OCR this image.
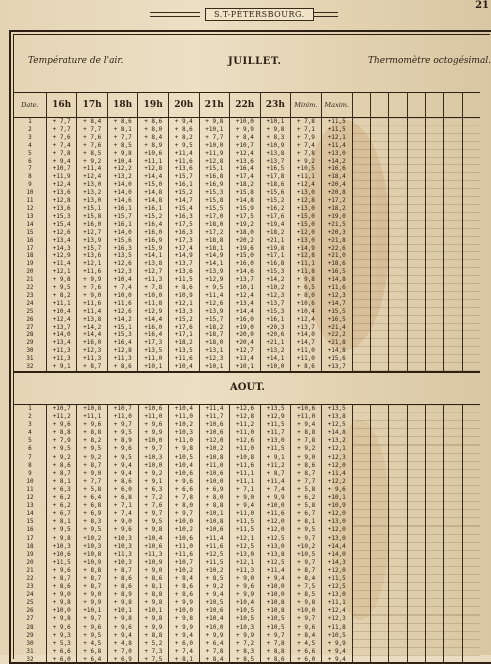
S.T-PÉTERSBOURG.
21
Température de l'air.	JUILLET.	Thermomètre octogésimal.
Date.	16h	17h	18h	19h	20h	21h	22h	23h	Minim.	Maxim.							
1	+ 7,7	+ 8,4	+ 8,6	+ 8,6	+ 9,4	+ 9,8	+10,0	+10,1	+ 7,8	+11,5							
2	+ 7,7	+ 7,7	+ 8,1	+ 8,0	+ 8,6	+10,1	+ 9,9	+ 9,8	+ 7,1	+11,5							
3	+ 7,6	+ 7,6	+ 7,7	+ 8,4	+ 8,2	+ 7,7	+ 8,4	+ 8,3	+ 7,9	+12,1							
4	+ 7,4	+ 7,6	+ 8,5	+ 8,9	+ 9,5	+10,0	+10,7	+10,9	+ 7,4	+11,4							
5	+ 7,8	+ 8,5	+ 9,8	+10,6	+11,4	+11,9	+12,4	+13,8	+ 7,8	+13,0							
6	+ 9,4	+ 9,2	+10,4	+11,1	+11,6	+12,8	+13,6	+13,7	+ 9,2	+14,2							
7	+10,7	+11,4	+12,2	+12,8	+13,6	+15,1	+16,4	+16,5	+10,5	+16,6							
8	+11,9	+12,4	+13,2	+14,4	+15,7	+16,8	+17,4	+17,8	+11,1	+18,4							
9	+12,4	+13,0	+14,0	+15,0	+16,1	+16,9	+18,2	+18,6	+12,4	+20,4							
10	+13,6	+13,2	+14,0	+14,8	+15,2	+15,3	+15,8	+15,6	+13,0	+20,8							
11	+12,8	+13,0	+14,6	+14,8	+14,7	+15,8	+14,8	+15,2	+12,8	+17,2							
12	+13,6	+15,1	+16,1	+16,1	+15,4	+15,5	+15,9	+16,2	+13,0	+18,2							
13	+15,3	+15,8	+15,7	+15,2	+16,3	+17,0	+17,5	+17,6	+15,0	+19,0							
14	+15,4	+16,0	+16,1	+16,4	+17,5	+18,0	+19,2	+19,4	+15,0	+21,5							
15	+12,6	+12,7	+14,0	+16,0	+16,3	+17,2	+18,0	+18,2	+12,0	+20,3							
16	+13,4	+13,9	+15,6	+16,9	+17,3	+18,8	+20,2	+21,1	+13,0	+21,8							
17	+14,3	+15,7	+16,3	+15,9	+17,4	+18,1	+19,6	+19,8	+14,9	+22,6							
18	+12,9	+13,6	+13,5	+14,1	+14,9	+14,9	+15,0	+17,1	+12,8	+21,0							
19	+11,4	+12,1	+12,6	+13,8	+13,7	+14,1	+16,0	+16,8	+11,1	+18,6							
20	+12,1	+11,6	+12,3	+12,7	+13,6	+13,9	+14,6	+15,3	+11,8	+16,5							
21	+ 9,8	+ 9,9	+10,4	+11,3	+11,5	+12,9	+13,7	+14,2	+ 9,8	+14,8							
22	+ 9,5	+ 7,6	+ 7,4	+ 7,8	+ 8,6	+ 9,5	+10,1	+10,2	+ 6,5	+11,6							
23	+ 8,2	+ 9,0	+10,0	+10,0	+10,9	+11,4	+12,4	+12,3	+ 8,0	+12,3							
24	+11,1	+11,6	+11,6	+11,8	+12,1	+12,6	+13,4	+13,7	+10,6	+14,7							
25	+10,4	+11,4	+12,6	+12,9	+13,3	+13,9	+14,4	+15,3	+10,4	+15,5							
26	+12,4	+13,8	+14,2	+14,4	+15,2	+15,7	+16,0	+16,1	+12,4	+16,5							
27	+13,7	+14,2	+15,1	+16,0	+17,6	+18,2	+19,0	+20,3	+13,7	+21,4							
28	+14,0	+14,4	+15,3	+16,4	+17,1	+18,7	+20,0	+20,6	+14,0	+22,2							
29	+13,4	+16,0	+16,4	+17,3	+18,2	+18,0	+20,4	+21,1	+14,7	+21,8							
30	+11,3	+12,3	+12,8	+13,5	+13,5	+13,1	+12,7	+13,2	+11,0	+14,8							
31	+11,3	+11,3	+11,3	+11,0	+11,6	+12,3	+13,4	+14,1	+11,0	+15,6							
32	+ 9,1	+ 8,7	+ 8,6	+10,1	+10,4	+10,1	+10,1	+10,0	+ 8,6	+13,7							
AOUT.
1	+10,7	+10,8	+10,7	+10,6	+10,4	+11,4	+12,6	+13,5	+10,6	+13,5							
2	+11,2	+11,1	+11,0	+11,0	+11,0	+11,7	+12,8	+12,9	+11,0	+13,8							
3	+ 9,6	+ 9,6	+ 9,7	+ 9,6	+10,2	+10,6	+11,2	+11,5	+ 9,4	+12,5							
4	+ 8,8	+ 8,8	+ 9,5	+ 9,9	+10,3	+10,6	+11,0	+11,7	+ 8,8	+14,8							
5	+ 7,9	+ 8,2	+ 8,9	+10,0	+11,0	+12,0	+12,6	+13,0	+ 7,8	+13,2							
6	+ 9,5	+ 9,5	+ 9,6	+ 9,7	+ 9,8	+10,2	+11,0	+11,5	+ 9,2	+12,1							
7	+ 9,2	+ 9,2	+ 9,5	+10,3	+10,5	+10,8	+10,8	+ 9,1	+ 9,0	+12,3							
8	+ 8,6	+ 8,7	+ 9,4	+10,0	+10,4	+11,0	+11,6	+11,2	+ 8,6	+12,0							
9	+ 8,7	+ 9,0	+ 9,4	+ 9,2	+10,6	+10,6	+11,1	+ 8,7	+ 8,7	+11,4							
10	+ 8,1	+ 7,7	+ 8,6	+ 9,1	+ 9,6	+10,0	+11,1	+11,4	+ 7,7	+12,2							
11	+ 6,3	+ 5,8	+ 6,0	+ 6,3	+ 6,6	+ 6,9	+ 7,1	+ 7,4	+ 5,8	+ 9,6							
12	+ 6,2	+ 6,4	+ 6,8	+ 7,2	+ 7,8	+ 8,0	+ 9,0	+ 9,9	+ 6,2	+10,1							
13	+ 6,2	+ 6,8	+ 7,1	+ 7,6	+ 8,0	+ 8,8	+ 9,4	+10,0	+ 5,8	+10,9							
14	+ 6,7	+ 6,9	+ 7,4	+ 9,7	+ 9,7	+10,1	+11,0	+11,6	+ 6,7	+12,0							
15	+ 8,1	+ 8,3	+ 9,0	+ 9,5	+10,0	+10,8	+11,5	+12,0	+ 8,1	+13,0							
16	+ 9,5	+ 9,5	+ 9,6	+ 9,8	+10,2	+10,6	+11,5	+12,0	+ 9,5	+12,0							
17	+ 9,8	+10,2	+10,3	+10,4	+10,6	+11,4	+12,1	+12,5	+ 9,7	+13,0							
18	+10,3	+10,3	+10,3	+10,6	+11,0	+11,6	+12,5	+13,0	+10,2	+14,4							
19	+10,6	+10,8	+11,3	+11,3	+11,6	+12,5	+13,0	+13,8	+10,5	+14,0							
20	+11,5	+10,9	+10,3	+10,9	+10,7	+11,5	+12,1	+12,5	+ 9,7	+14,3							
21	+ 9,6	+ 8,8	+ 8,7	+ 9,0	+10,2	+10,2	+11,3	+11,4	+ 8,7	+12,0							
22	+ 8,7	+ 8,7	+ 8,6	+ 8,6	+ 8,4	+ 8,5	+ 9,0	+ 9,4	+ 8,4	+11,5							
23	+ 8,6	+ 8,7	+ 8,6	+ 8,1	+ 8,6	+ 9,2	+ 9,6	+10,0	+ 7,5	+12,5							
24	+ 9,0	+ 9,0	+ 8,9	+ 8,8	+ 8,6	+ 9,4	+ 9,9	+10,0	+ 8,5	+13,0							
25	+ 9,8	+ 9,9	+ 9,8	+ 9,8	+ 9,9	+10,5	+10,4	+10,8	+ 9,8	+11,1							
26	+10,0	+10,1	+10,1	+10,1	+10,0	+10,6	+10,5	+10,8	+10,0	+12,4							
27	+ 9,8	+ 9,7	+ 9,8	+ 9,8	+ 9,8	+10,4	+10,5	+10,5	+ 9,7	+12,3							
28	+ 9,6	+ 9,6	+ 9,6	+ 9,9	+ 9,9	+10,0	+10,3	+10,5	+ 9,6	+11,8							
29	+ 9,3	+ 9,5	+ 9,4	+ 8,8	+ 9,4	+ 9,9	+ 9,9	+ 9,7	+ 8,4	+10,5							
30	+ 5,3	+ 4,5	+ 4,8	+ 5,2	+ 6,0	+ 6,4	+ 7,2	+ 7,8	+ 4,5	+ 9,9							
31	+ 6,6	+ 6,8	+ 7,0	+ 7,3	+ 7,4	+ 7,8	+ 8,3	+ 8,8	+ 6,6	+ 9,4							
32	+ 6,0	+ 6,4	+ 6,9	+ 7,5	+ 8,1	+ 8,4	+ 8,5	+ 8,6	+ 6,0	+ 9,4							
